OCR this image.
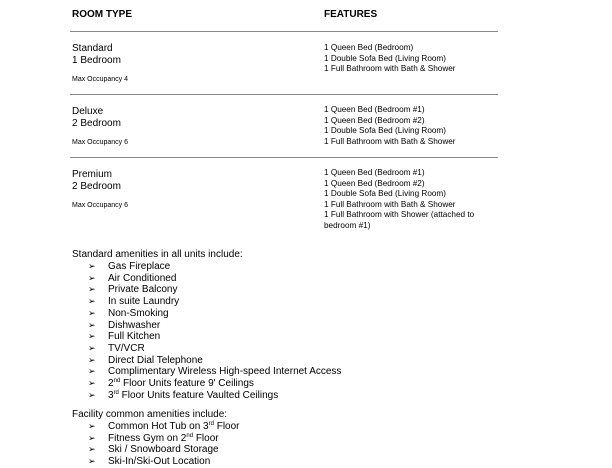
ROOM TYPE	FEATURES
Standard
1 Bedroom
Max Occupancy 4
1 Queen Bed (Bedroom)
1 Double Sofa Bed (Living Room)
1 Full Bathroom with Bath & Shower
Deluxe
2 Bedroom
Max Occupancy 6
1 Queen Bed (Bedroom #1)
1 Queen Bed (Bedroom #2)
1 Double Sofa Bed (Living Room)
1 Full Bathroom with Bath & Shower
Premium
2 Bedroom
Max Occupancy 6
1 Queen Bed (Bedroom #1)
1 Queen Bed (Bedroom #2)
1 Double Sofa Bed (Living Room)
1 Full Bathroom with Bath & Shower
1 Full Bathroom with Shower (attached to
bedroom #1)
Standard amenities in all units include:
➢ Gas Fireplace
➢ Air Conditioned
➢ Private Balcony
➢ In suite Laundry
➢ Non-Smoking
➢ Dishwasher
➢ Full Kitchen
➢ TV/VCR
➢ Direct Dial Telephone
➢ Complimentary Wireless High-speed Internet Access
➢ 2nd Floor Units feature 9' Ceilings
➢ 3rd Floor Units feature Vaulted Ceilings
Facility common amenities include:
➢ Common Hot Tub on 3rd Floor
➢ Fitness Gym on 2nd Floor
➢ Ski / Snowboard Storage
➢ Ski-In/Ski-Out Location
